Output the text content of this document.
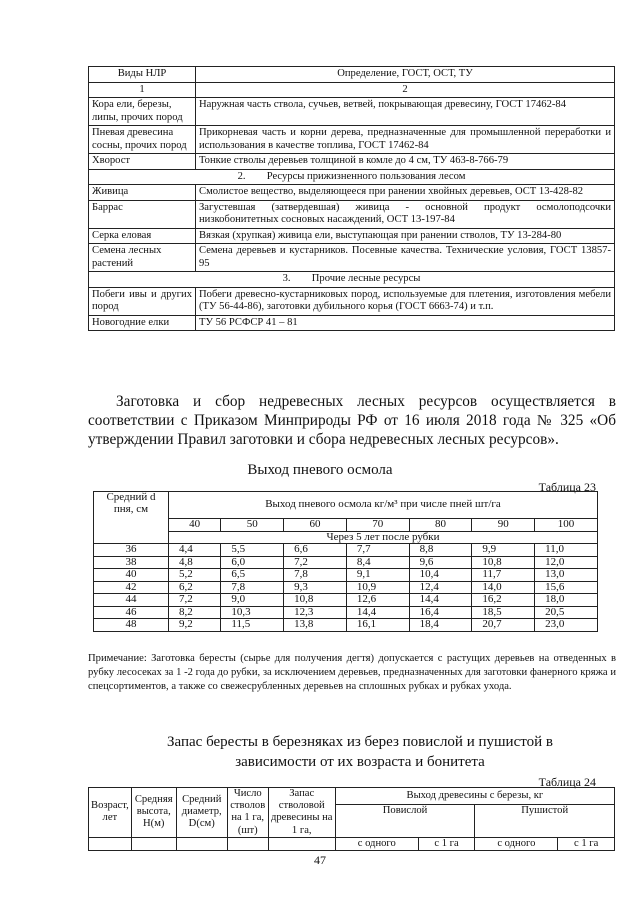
Виды НЛР	Определение, ГОСТ, ОСТ, ТУ
1	2
Кора ели, березы, липы, прочих пород	Наружная часть ствола, сучьев, ветвей, покрывающая древесину, ГОСТ 17462-84
Пневая древесина сосны, прочих пород	Прикорневая часть и корни дерева, предназначенные для промышленной переработки и использования в качестве топлива, ГОСТ 17462-84
Хворост	Тонкие стволы деревьев толщиной в комле до 4 см, ТУ 463-8-766-79
2.        Ресурсы прижизненного пользования лесом	
Живица	Смолистое вещество, выделяющееся при ранении хвойных деревьев, ОСТ 13-428-82
Баррас	Загустевшая (затвердевшая) живица - основной продукт осмолоподсочки низкобонитетных сосновых насаждений, ОСТ 13-197-84
Серка еловая	Вязкая (хрупкая) живица ели, выступающая при ранении стволов, ТУ 13-284-80
Семена лесных растений	Семена деревьев и кустарников. Посевные качества. Технические условия, ГОСТ 13857-95
3.        Прочие лесные ресурсы	
Побеги ивы и других пород	Побеги древесно-кустарниковых пород, используемые для плетения, изготовления мебели (ТУ 56-44-86), заготовки дубильного корья (ГОСТ 6663-74) и т.п.
Новогодние елки	ТУ 56 РСФСР 41 – 81
Заготовка и сбор недревесных лесных ресурсов осуществляется в соответствии с Приказом Минприроды РФ от 16 июля 2018 года № 325 «Об утверждении Правил заготовки и сбора недревесных лесных ресурсов».
Выход пневого осмола
Таблица 23
Средний d пня, см	Выход пневого осмола кг/м³ при числе пней шт/га						
	40	50	60	70	80	90	100
	Через 5 лет после рубки						
36	4,4	5,5	6,6	7,7	8,8	9,9	11,0
38	4,8	6,0	7,2	8,4	9,6	10,8	12,0
40	5,2	6,5	7,8	9,1	10,4	11,7	13,0
42	6,2	7,8	9,3	10,9	12,4	14,0	15,6
44	7,2	9,0	10,8	12,6	14,4	16,2	18,0
46	8,2	10,3	12,3	14,4	16,4	18,5	20,5
48	9,2	11,5	13,8	16,1	18,4	20,7	23,0
Примечание: Заготовка бересты (сырье для получения дегтя) допускается с растущих деревьев на отведенных в рубку лесосеках за 1 -2 года до рубки, за исключением деревьев, предназначенных для заготовки фанерного кряжа и спецсортиментов, а также со свежесрубленных деревьев на сплошных рубках и рубках ухода.
Запас бересты в березняках из берез повислой и пушистой в
зависимости от их возраста и бонитета
Таблица 24
Возраст, лет	Средняя высота, Н(м)	Средний диаметр, D(см)	Число стволов на 1 га, (шт)	Запас стволовой древесины на 1 га,	Выход древесины с березы, кг			
					Повислой		Пушистой	
					с одного	с 1 га	с одного	с 1 га
47
